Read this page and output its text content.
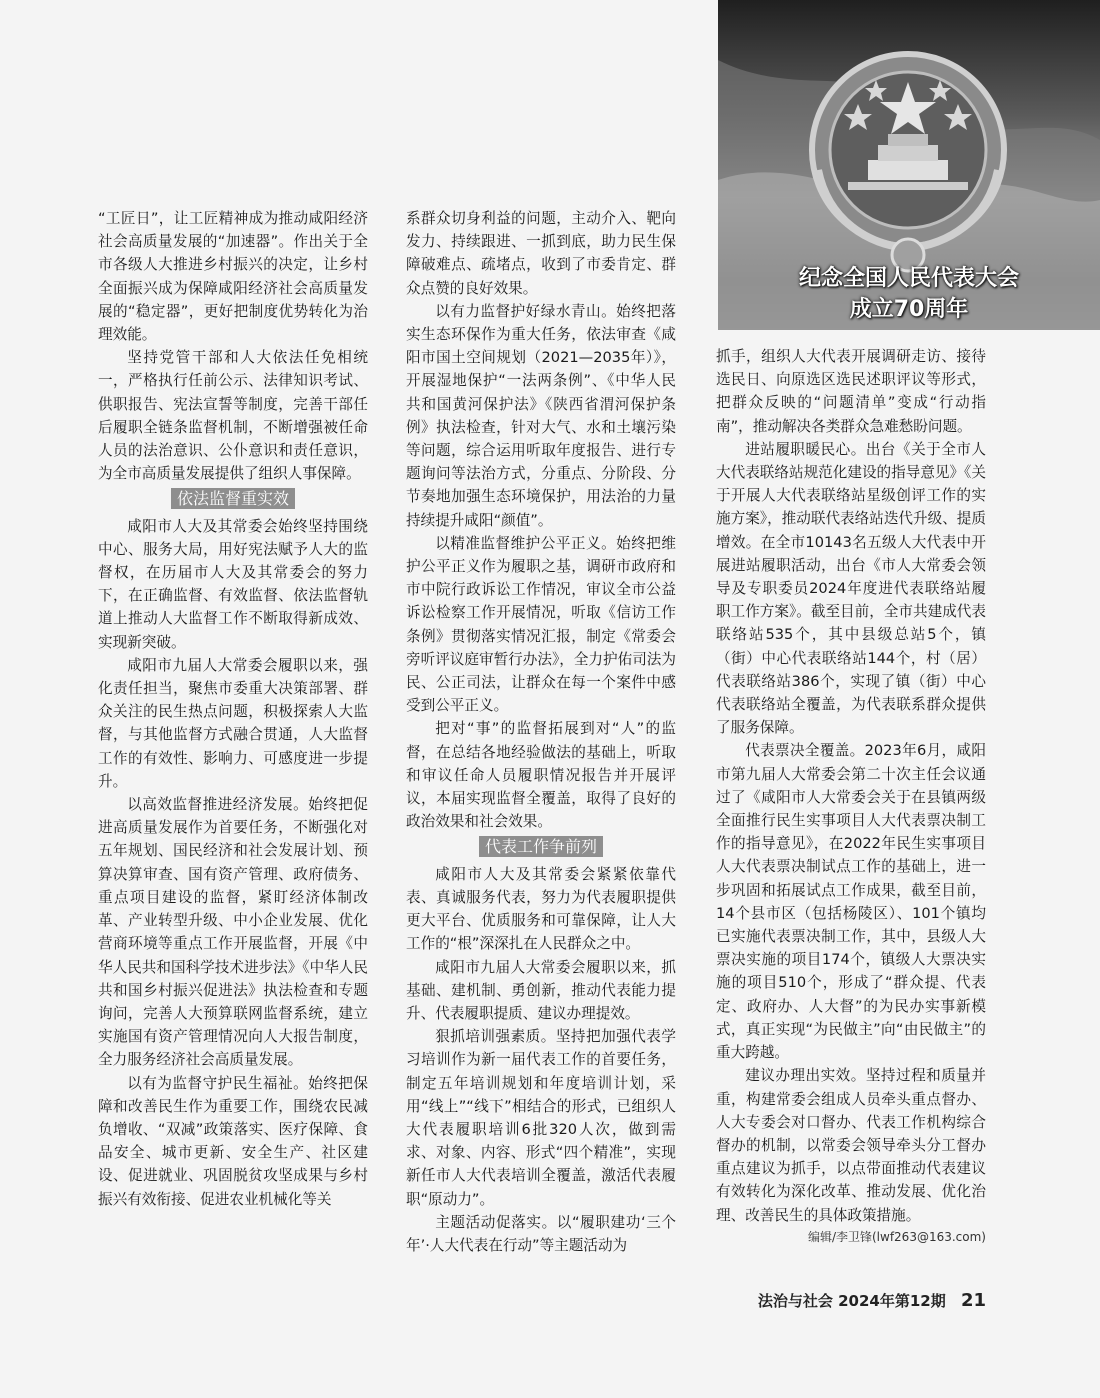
纪念全国人民代表大会
成立70周年

“工匠日”，让工匠精神成为推动咸阳经济社会高质量发展的“加速器”。作出关于全市各级人大推进乡村振兴的决定，让乡村全面振兴成为保障咸阳经济社会高质量发展的“稳定器”，更好把制度优势转化为治理效能。

坚持党管干部和人大依法任免相统一，严格执行任前公示、法律知识考试、供职报告、宪法宣誓等制度，完善干部任后履职全链条监督机制，不断增强被任命人员的法治意识、公仆意识和责任意识，为全市高质量发展提供了组织人事保障。

依法监督重实效

咸阳市人大及其常委会始终坚持围绕中心、服务大局，用好宪法赋予人大的监督权，在历届市人大及其常委会的努力下，在正确监督、有效监督、依法监督轨道上推动人大监督工作不断取得新成效、实现新突破。

咸阳市九届人大常委会履职以来，强化责任担当，聚焦市委重大决策部署、群众关注的民生热点问题，积极探索人大监督，与其他监督方式融合贯通，人大监督工作的有效性、影响力、可感度进一步提升。

以高效监督推进经济发展。始终把促进高质量发展作为首要任务，不断强化对五年规划、国民经济和社会发展计划、预算决算审查、国有资产管理、政府债务、重点项目建设的监督，紧盯经济体制改革、产业转型升级、中小企业发展、优化营商环境等重点工作开展监督，开展《中华人民共和国科学技术进步法》《中华人民共和国乡村振兴促进法》执法检查和专题询问，完善人大预算联网监督系统，建立实施国有资产管理情况向人大报告制度，全力服务经济社会高质量发展。

以有为监督守护民生福祉。始终把保障和改善民生作为重要工作，围绕农民减负增收、“双减”政策落实、医疗保障、食品安全、城市更新、安全生产、社区建设、促进就业、巩固脱贫攻坚成果与乡村振兴有效衔接、促进农业机械化等关

系群众切身利益的问题，主动介入、靶向发力、持续跟进、一抓到底，助力民生保障破难点、疏堵点，收到了市委肯定、群众点赞的良好效果。

以有力监督护好绿水青山。始终把落实生态环保作为重大任务，依法审查《咸阳市国土空间规划（2021—2035年）》，开展湿地保护“一法两条例”、《中华人民共和国黄河保护法》《陕西省渭河保护条例》执法检查，针对大气、水和土壤污染等问题，综合运用听取年度报告、进行专题询问等法治方式，分重点、分阶段、分节奏地加强生态环境保护，用法治的力量持续提升咸阳“颜值”。

以精准监督维护公平正义。始终把维护公平正义作为履职之基，调研市政府和市中院行政诉讼工作情况，审议全市公益诉讼检察工作开展情况，听取《信访工作条例》贯彻落实情况汇报，制定《常委会旁听评议庭审暂行办法》，全力护佑司法为民、公正司法，让群众在每一个案件中感受到公平正义。

把对“事”的监督拓展到对“人”的监督，在总结各地经验做法的基础上，听取和审议任命人员履职情况报告并开展评议，本届实现监督全覆盖，取得了良好的政治效果和社会效果。

代表工作争前列

咸阳市人大及其常委会紧紧依靠代表、真诚服务代表，努力为代表履职提供更大平台、优质服务和可靠保障，让人大工作的“根”深深扎在人民群众之中。

咸阳市九届人大常委会履职以来，抓基础、建机制、勇创新，推动代表能力提升、代表履职提质、建议办理提效。

狠抓培训强素质。坚持把加强代表学习培训作为新一届代表工作的首要任务，制定五年培训规划和年度培训计划，采用“线上”“线下”相结合的形式，已组织人大代表履职培训6批320人次，做到需求、对象、内容、形式“四个精准”，实现新任市人大代表培训全覆盖，激活代表履职“原动力”。

主题活动促落实。以“履职建功‘三个年’·人大代表在行动”等主题活动为

抓手，组织人大代表开展调研走访、接待选民日、向原选区选民述职评议等形式，把群众反映的“问题清单”变成“行动指南”，推动解决各类群众急难愁盼问题。

进站履职暖民心。出台《关于全市人大代表联络站规范化建设的指导意见》《关于开展人大代表联络站星级创评工作的实施方案》，推动联代表络站迭代升级、提质增效。在全市10143名五级人大代表中开展进站履职活动，出台《市人大常委会领导及专职委员2024年度进代表联络站履职工作方案》。截至目前，全市共建成代表联络站535个，其中县级总站5个，镇（街）中心代表联络站144个，村（居）代表联络站386个，实现了镇（街）中心代表联络站全覆盖，为代表联系群众提供了服务保障。

代表票决全覆盖。2023年6月，咸阳市第九届人大常委会第二十次主任会议通过了《咸阳市人大常委会关于在县镇两级全面推行民生实事项目人大代表票决制工作的指导意见》，在2022年民生实事项目人大代表票决制试点工作的基础上，进一步巩固和拓展试点工作成果，截至目前，14个县市区（包括杨陵区）、101个镇均已实施代表票决制工作，其中，县级人大票决实施的项目174个，镇级人大票决实施的项目510个，形成了“群众提、代表定、政府办、人大督”的为民办实事新模式，真正实现“为民做主”向“由民做主”的重大跨越。

建议办理出实效。坚持过程和质量并重，构建常委会组成人员牵头重点督办、人大专委会对口督办、代表工作机构综合督办的机制，以常委会领导牵头分工督办重点建议为抓手，以点带面推动代表建议有效转化为深化改革、推动发展、优化治理、改善民生的具体政策措施。

编辑/李卫锋(lwf263@163.com)
法治与社会 2024年第12期 21
